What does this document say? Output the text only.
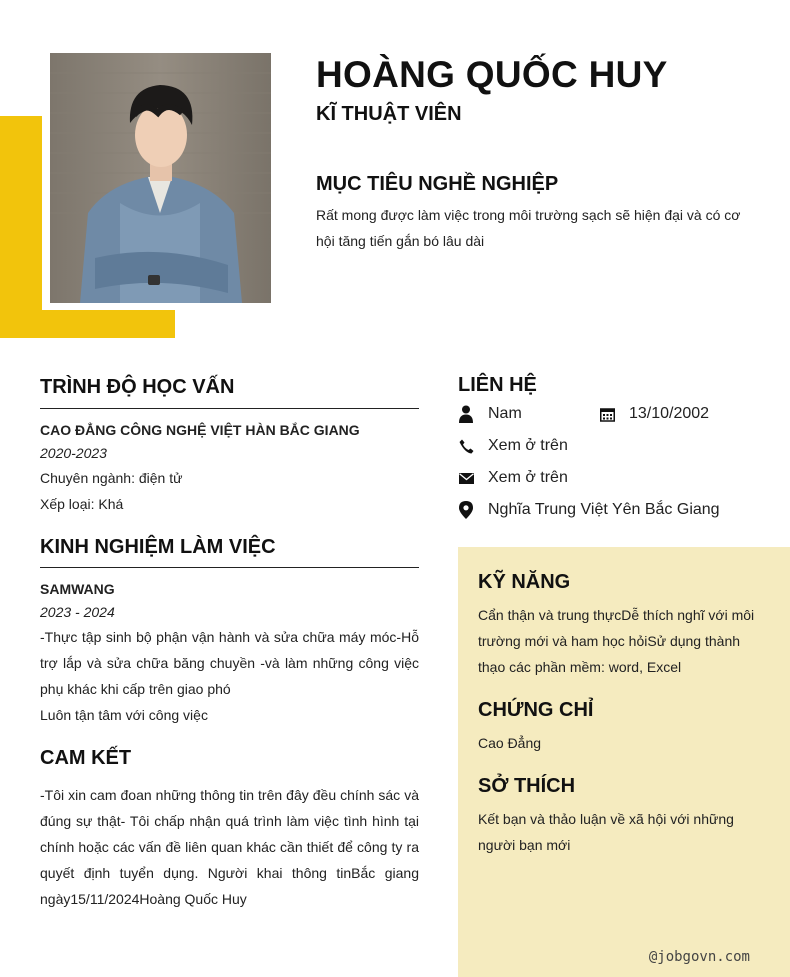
HOÀNG QUỐC HUY
KĨ THUẬT VIÊN
MỤC TIÊU NGHỀ NGHIỆP
Rất mong được làm việc trong môi trường sạch sẽ hiện đại và có cơ hội tăng tiến gắn bó lâu dài
TRÌNH ĐỘ HỌC VẤN
CAO ĐẲNG CÔNG NGHỆ VIỆT HÀN BẮC GIANG
2020-2023
Chuyên ngành: điện tử
Xếp loại: Khá
KINH NGHIỆM LÀM VIỆC
SAMWANG
2023 - 2024
-Thực tập sinh bộ phận vận hành và sửa chữa máy móc-Hỗ trợ lắp và sửa chữa băng chuyền -và làm những công việc phụ khác khi cấp trên giao phó
Luôn tận tâm với công việc
CAM KẾT
-Tôi xin cam đoan những thông tin trên đây đều chính sác và đúng sự thật- Tôi chấp nhận quá trình làm việc tình hình tại chính hoặc các vấn đề liên quan khác cần thiết để công ty ra quyết định tuyển dụng. Người khai thông tinBắc giang ngày15/11/2024Hoàng Quốc Huy
LIÊN HỆ
Nam	13/10/2002
Xem ở trên
Xem ở trên
Nghĩa Trung Việt Yên Bắc Giang
KỸ NĂNG
Cẩn thận và trung thựcDễ thích nghĩ với môi trường mới và ham học hỏiSử dụng thành thạo các phần mềm: word, Excel
CHỨNG CHỈ
Cao Đẳng
SỞ THÍCH
Kết bạn và thảo luận về xã hội với những người bạn mới
@jobgovn.com
